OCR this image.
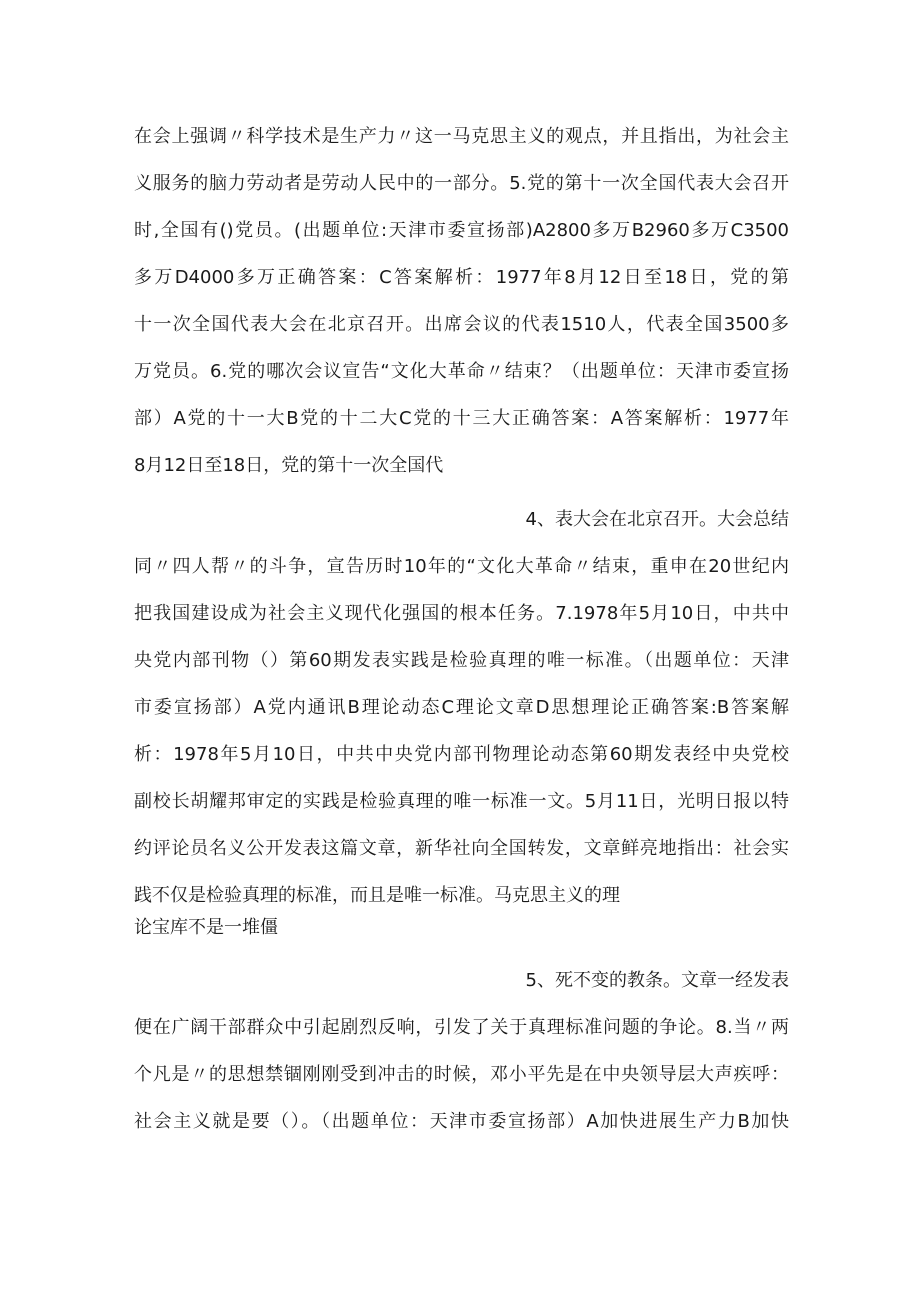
在会上强调〃科学技术是生产力〃这一马克思主义的观点，并且指出，为社会主
义服务的脑力劳动者是劳动人民中的一部分。5.党的第十一次全国代表大会召开
时,全国有()党员。(出题单位:天津市委宣扬部)A2800多万B2960多万C3500
多万D4000多万正确答案：C答案解析：1977年8月12日至18日，党的第
十一次全国代表大会在北京召开。出席会议的代表1510人，代表全国3500多
万党员。6.党的哪次会议宣告“文化大革命〃结束？（出题单位：天津市委宣扬
部）A党的十一大B党的十二大C党的十三大正确答案：A答案解析：1977年
8月12日至18日，党的第十一次全国代
4、表大会在北京召开。大会总结
同〃四人帮〃的斗争，宣告历时10年的“文化大革命〃结束，重申在20世纪内
把我国建设成为社会主义现代化强国的根本任务。7.1978年5月10日，中共中
央党内部刊物（）第60期发表实践是检验真理的唯一标准。（出题单位：天津
市委宣扬部）A党内通讯B理论动态C理论文章D思想理论正确答案:B答案解
析：1978年5月10日，中共中央党内部刊物理论动态第60期发表经中央党校
副校长胡耀邦审定的实践是检验真理的唯一标准一文。5月11日，光明日报以特
约评论员名义公开发表这篇文章，新华社向全国转发，文章鲜亮地指出：社会实
践不仅是检验真理的标准，而且是唯一标准。马克思主义的理
论宝库不是一堆僵
5、死不变的教条。文章一经发表
便在广阔干部群众中引起剧烈反响，引发了关于真理标准问题的争论。8.当〃两
个凡是〃的思想禁锢刚刚受到冲击的时候，邓小平先是在中央领导层大声疾呼：
社会主义就是要（）。（出题单位：天津市委宣扬部）A加快进展生产力B加快
